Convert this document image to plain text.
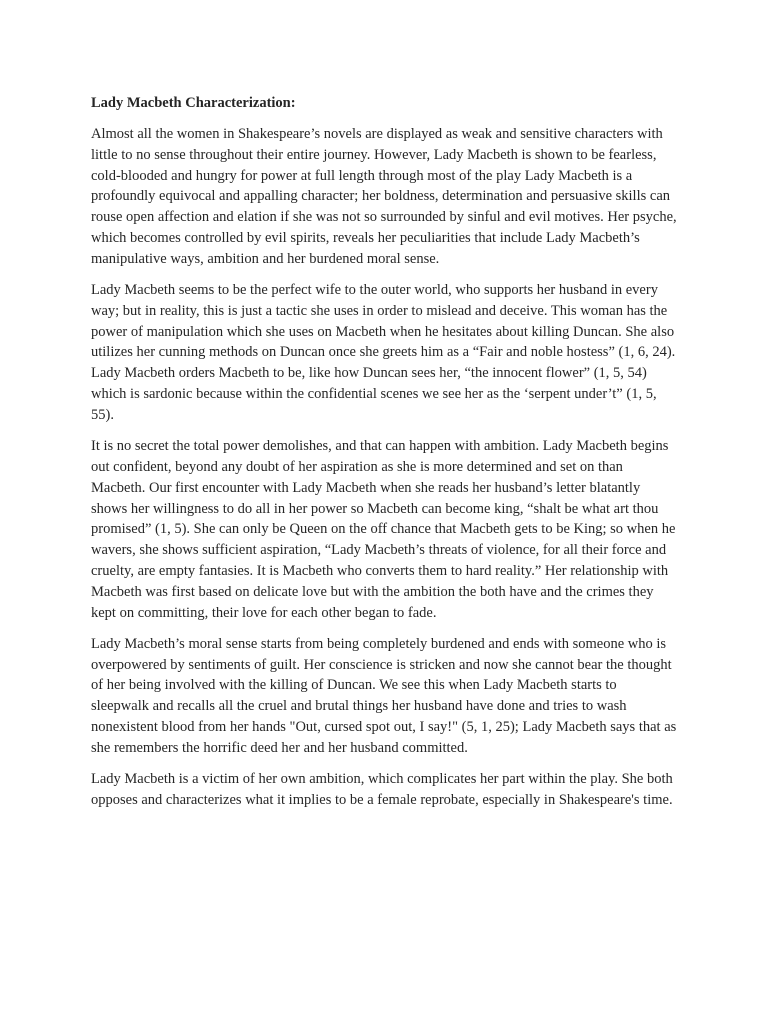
Lady Macbeth Characterization:

Almost all the women in Shakespeare’s novels are displayed as weak and sensitive characters with little to no sense throughout their entire journey. However, Lady Macbeth is shown to be fearless, cold-blooded and hungry for power at full length through most of the play Lady Macbeth is a profoundly equivocal and appalling character; her boldness, determination and persuasive skills can rouse open affection and elation if she was not so surrounded by sinful and evil motives. Her psyche, which becomes controlled by evil spirits, reveals her peculiarities that include Lady Macbeth’s manipulative ways, ambition and her burdened moral sense.

Lady Macbeth seems to be the perfect wife to the outer world, who supports her husband in every way; but in reality, this is just a tactic she uses in order to mislead and deceive. This woman has the power of manipulation which she uses on Macbeth when he hesitates about killing Duncan. She also utilizes her cunning methods on Duncan once she greets him as a “Fair and noble hostess” (1, 6, 24). Lady Macbeth orders Macbeth to be, like how Duncan sees her, “the innocent flower” (1, 5, 54) which is sardonic because within the confidential scenes we see her as the ‘serpent under’t” (1, 5, 55).

It is no secret the total power demolishes, and that can happen with ambition. Lady Macbeth begins out confident, beyond any doubt of her aspiration as she is more determined and set on than Macbeth. Our first encounter with Lady Macbeth when she reads her husband’s letter blatantly shows her willingness to do all in her power so Macbeth can become king, “shalt be what art thou promised” (1, 5). She can only be Queen on the off chance that Macbeth gets to be King; so when he wavers, she shows sufficient aspiration, “Lady Macbeth’s threats of violence, for all their force and cruelty, are empty fantasies. It is Macbeth who converts them to hard reality.” Her relationship with Macbeth was first based on delicate love but with the ambition the both have and the crimes they kept on committing, their love for each other began to fade.

Lady Macbeth’s moral sense starts from being completely burdened and ends with someone who is overpowered by sentiments of guilt. Her conscience is stricken and now she cannot bear the thought of her being involved with the killing of Duncan. We see this when Lady Macbeth starts to sleepwalk and recalls all the cruel and brutal things her husband have done and tries to wash nonexistent blood from her hands "Out, cursed spot out, I say!" (5, 1, 25); Lady Macbeth says that as she remembers the horrific deed her and her husband committed.

Lady Macbeth is a victim of her own ambition, which complicates her part within the play. She both opposes and characterizes what it implies to be a female reprobate, especially in Shakespeare's time.
